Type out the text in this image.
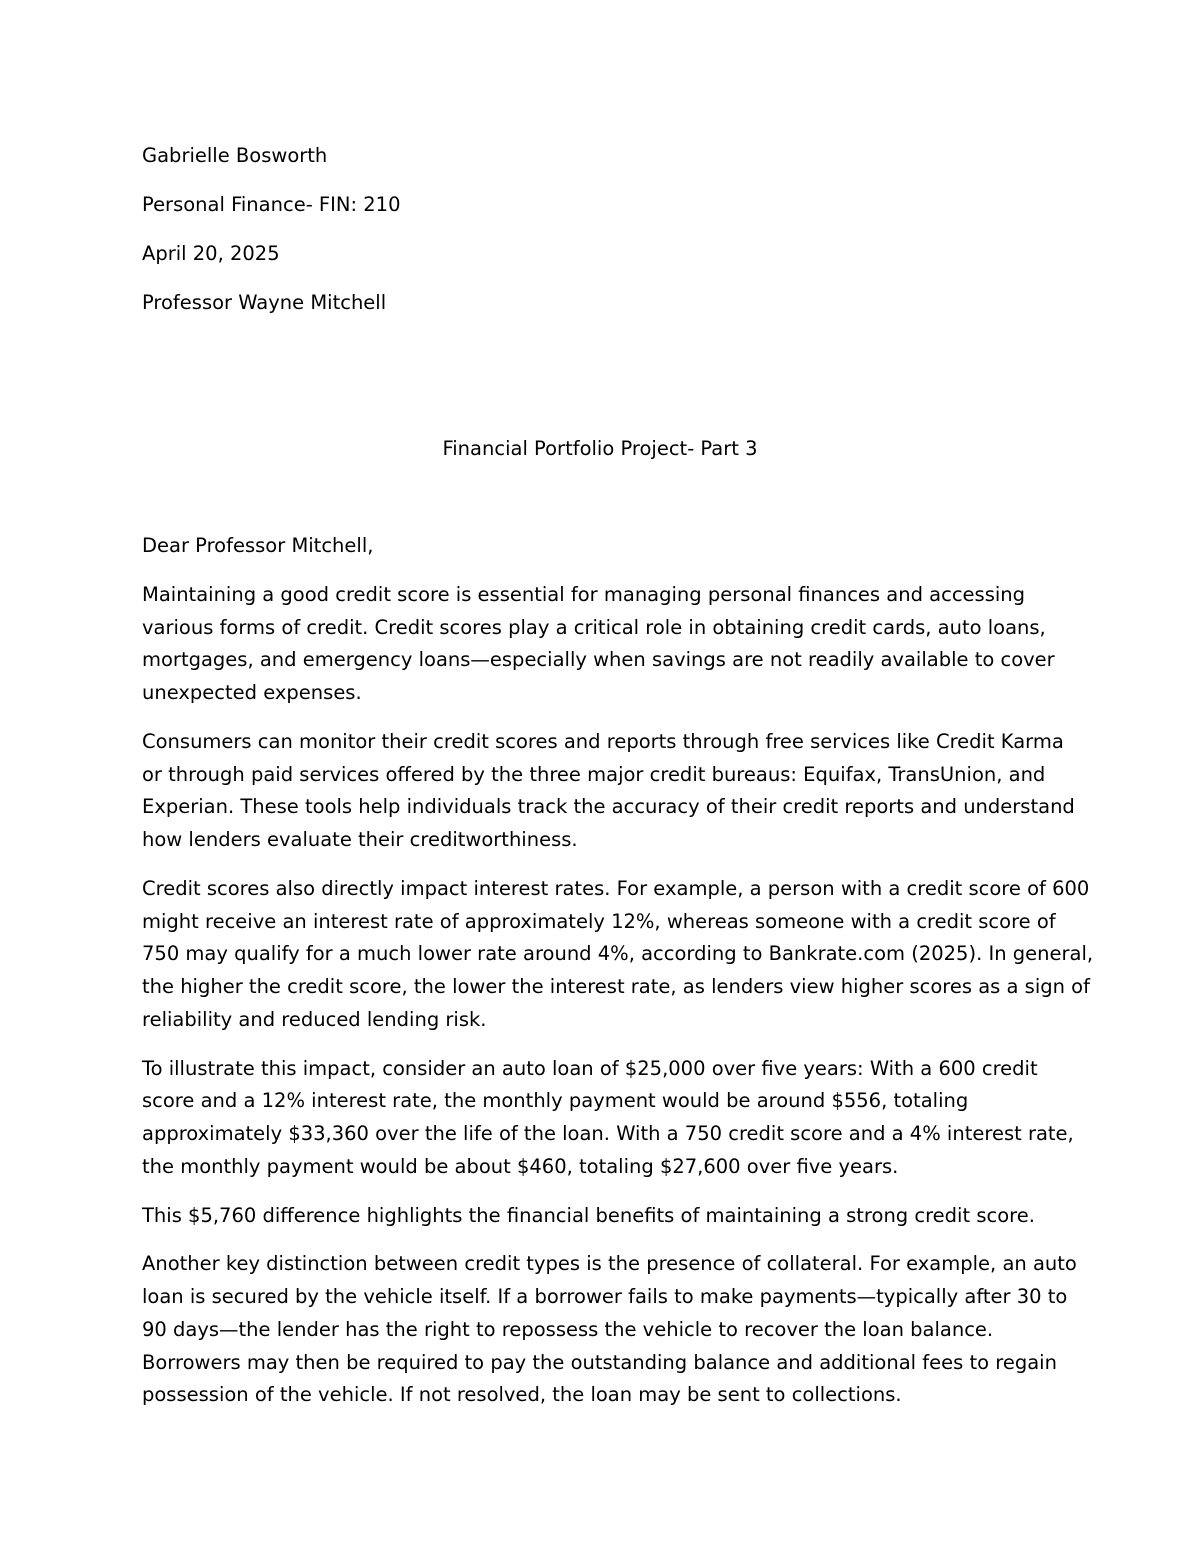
Gabrielle Bosworth

Personal Finance- FIN: 210

April 20, 2025

Professor Wayne Mitchell

Financial Portfolio Project- Part 3

Dear Professor Mitchell,

Maintaining a good credit score is essential for managing personal finances and accessing
various forms of credit. Credit scores play a critical role in obtaining credit cards, auto loans,
mortgages, and emergency loans—especially when savings are not readily available to cover
unexpected expenses.

Consumers can monitor their credit scores and reports through free services like Credit Karma
or through paid services offered by the three major credit bureaus: Equifax, TransUnion, and
Experian. These tools help individuals track the accuracy of their credit reports and understand
how lenders evaluate their creditworthiness.

Credit scores also directly impact interest rates. For example, a person with a credit score of 600
might receive an interest rate of approximately 12%, whereas someone with a credit score of
750 may qualify for a much lower rate around 4%, according to Bankrate.com (2025). In general,
the higher the credit score, the lower the interest rate, as lenders view higher scores as a sign of
reliability and reduced lending risk.

To illustrate this impact, consider an auto loan of $25,000 over five years: With a 600 credit
score and a 12% interest rate, the monthly payment would be around $556, totaling
approximately $33,360 over the life of the loan. With a 750 credit score and a 4% interest rate,
the monthly payment would be about $460, totaling $27,600 over five years.

This $5,760 difference highlights the financial benefits of maintaining a strong credit score.

Another key distinction between credit types is the presence of collateral. For example, an auto
loan is secured by the vehicle itself. If a borrower fails to make payments—typically after 30 to
90 days—the lender has the right to repossess the vehicle to recover the loan balance.
Borrowers may then be required to pay the outstanding balance and additional fees to regain
possession of the vehicle. If not resolved, the loan may be sent to collections.
